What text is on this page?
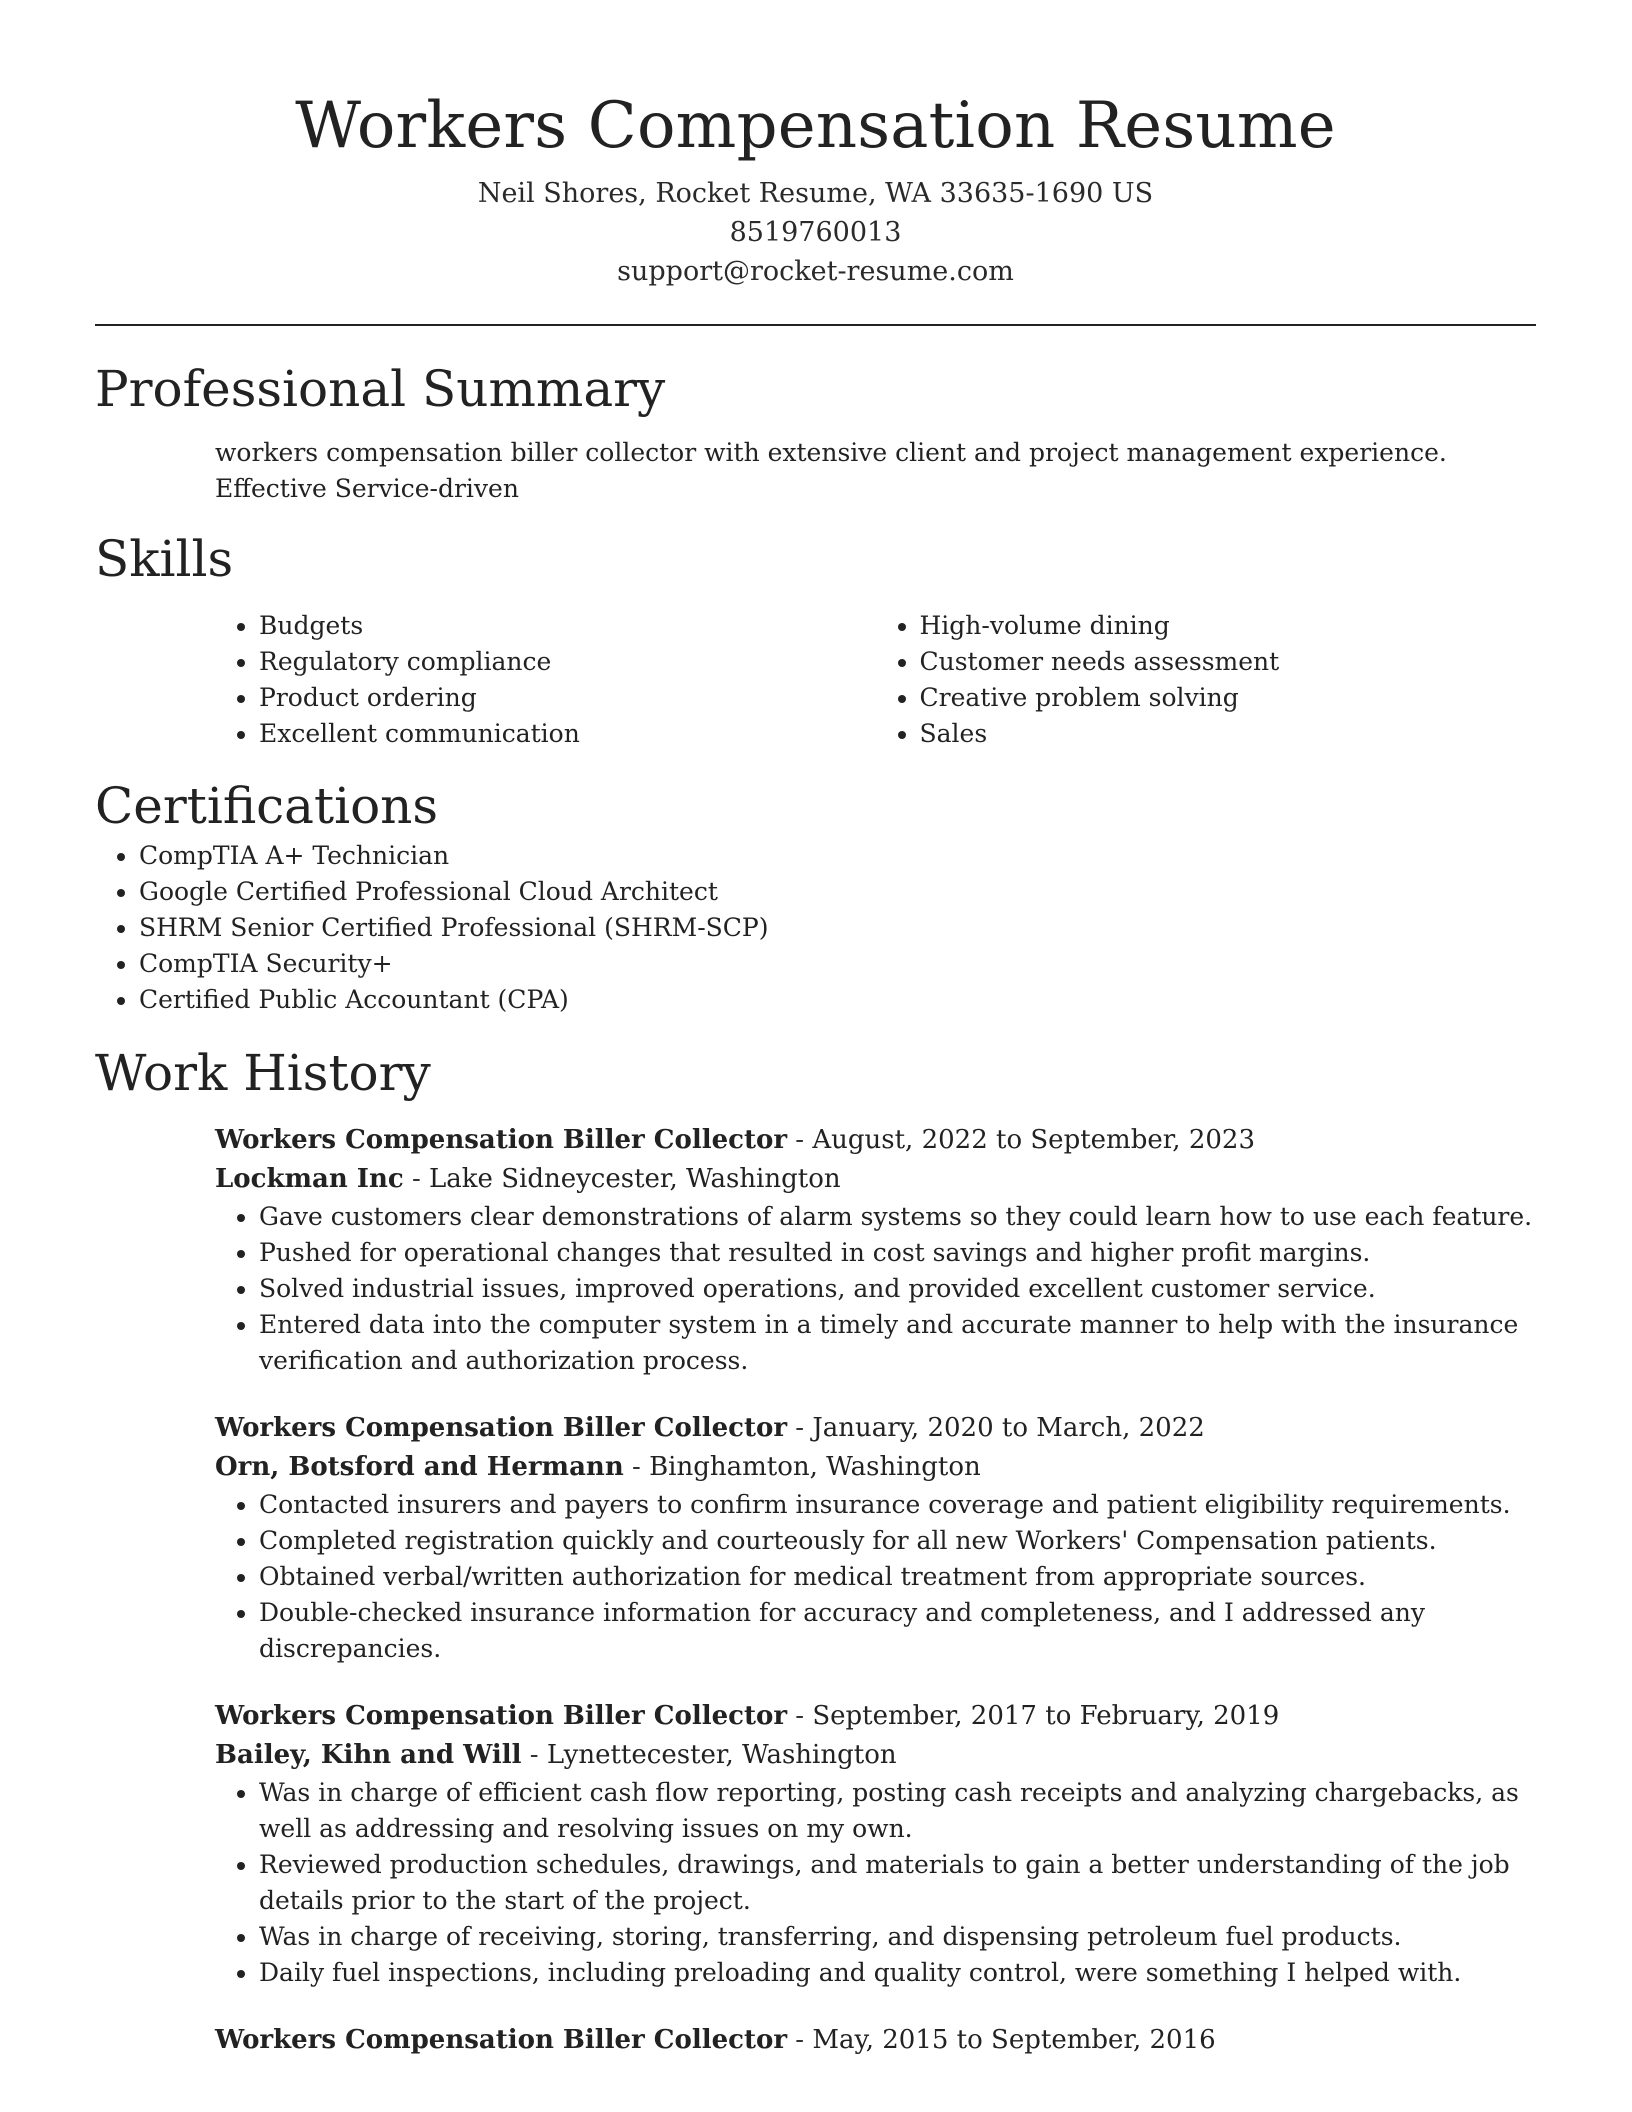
Workers Compensation Resume
Neil Shores, Rocket Resume, WA 33635-1690 US
8519760013
support@rocket-resume.com
Professional Summary

workers compensation biller collector with extensive client and project management experience. Effective Service-driven

Skills
• Budgets
• Regulatory compliance
• Product ordering
• Excellent communication
• High-volume dining
• Customer needs assessment
• Creative problem solving
• Sales
Certifications
• CompTIA A+ Technician
• Google Certified Professional Cloud Architect
• SHRM Senior Certified Professional (SHRM-SCP)
• CompTIA Security+
• Certified Public Accountant (CPA)
Work History
Workers Compensation Biller Collector - August, 2022 to September, 2023
Lockman Inc - Lake Sidneycester, Washington
• Gave customers clear demonstrations of alarm systems so they could learn how to use each feature.
• Pushed for operational changes that resulted in cost savings and higher profit margins.
• Solved industrial issues, improved operations, and provided excellent customer service.
• Entered data into the computer system in a timely and accurate manner to help with the insurance verification and authorization process.
Workers Compensation Biller Collector - January, 2020 to March, 2022
Orn, Botsford and Hermann - Binghamton, Washington
• Contacted insurers and payers to confirm insurance coverage and patient eligibility requirements.
• Completed registration quickly and courteously for all new Workers' Compensation patients.
• Obtained verbal/written authorization for medical treatment from appropriate sources.
• Double-checked insurance information for accuracy and completeness, and I addressed any discrepancies.
Workers Compensation Biller Collector - September, 2017 to February, 2019
Bailey, Kihn and Will - Lynettecester, Washington
• Was in charge of efficient cash flow reporting, posting cash receipts and analyzing chargebacks, as well as addressing and resolving issues on my own.
• Reviewed production schedules, drawings, and materials to gain a better understanding of the job details prior to the start of the project.
• Was in charge of receiving, storing, transferring, and dispensing petroleum fuel products.
• Daily fuel inspections, including preloading and quality control, were something I helped with.
Workers Compensation Biller Collector - May, 2015 to September, 2016
